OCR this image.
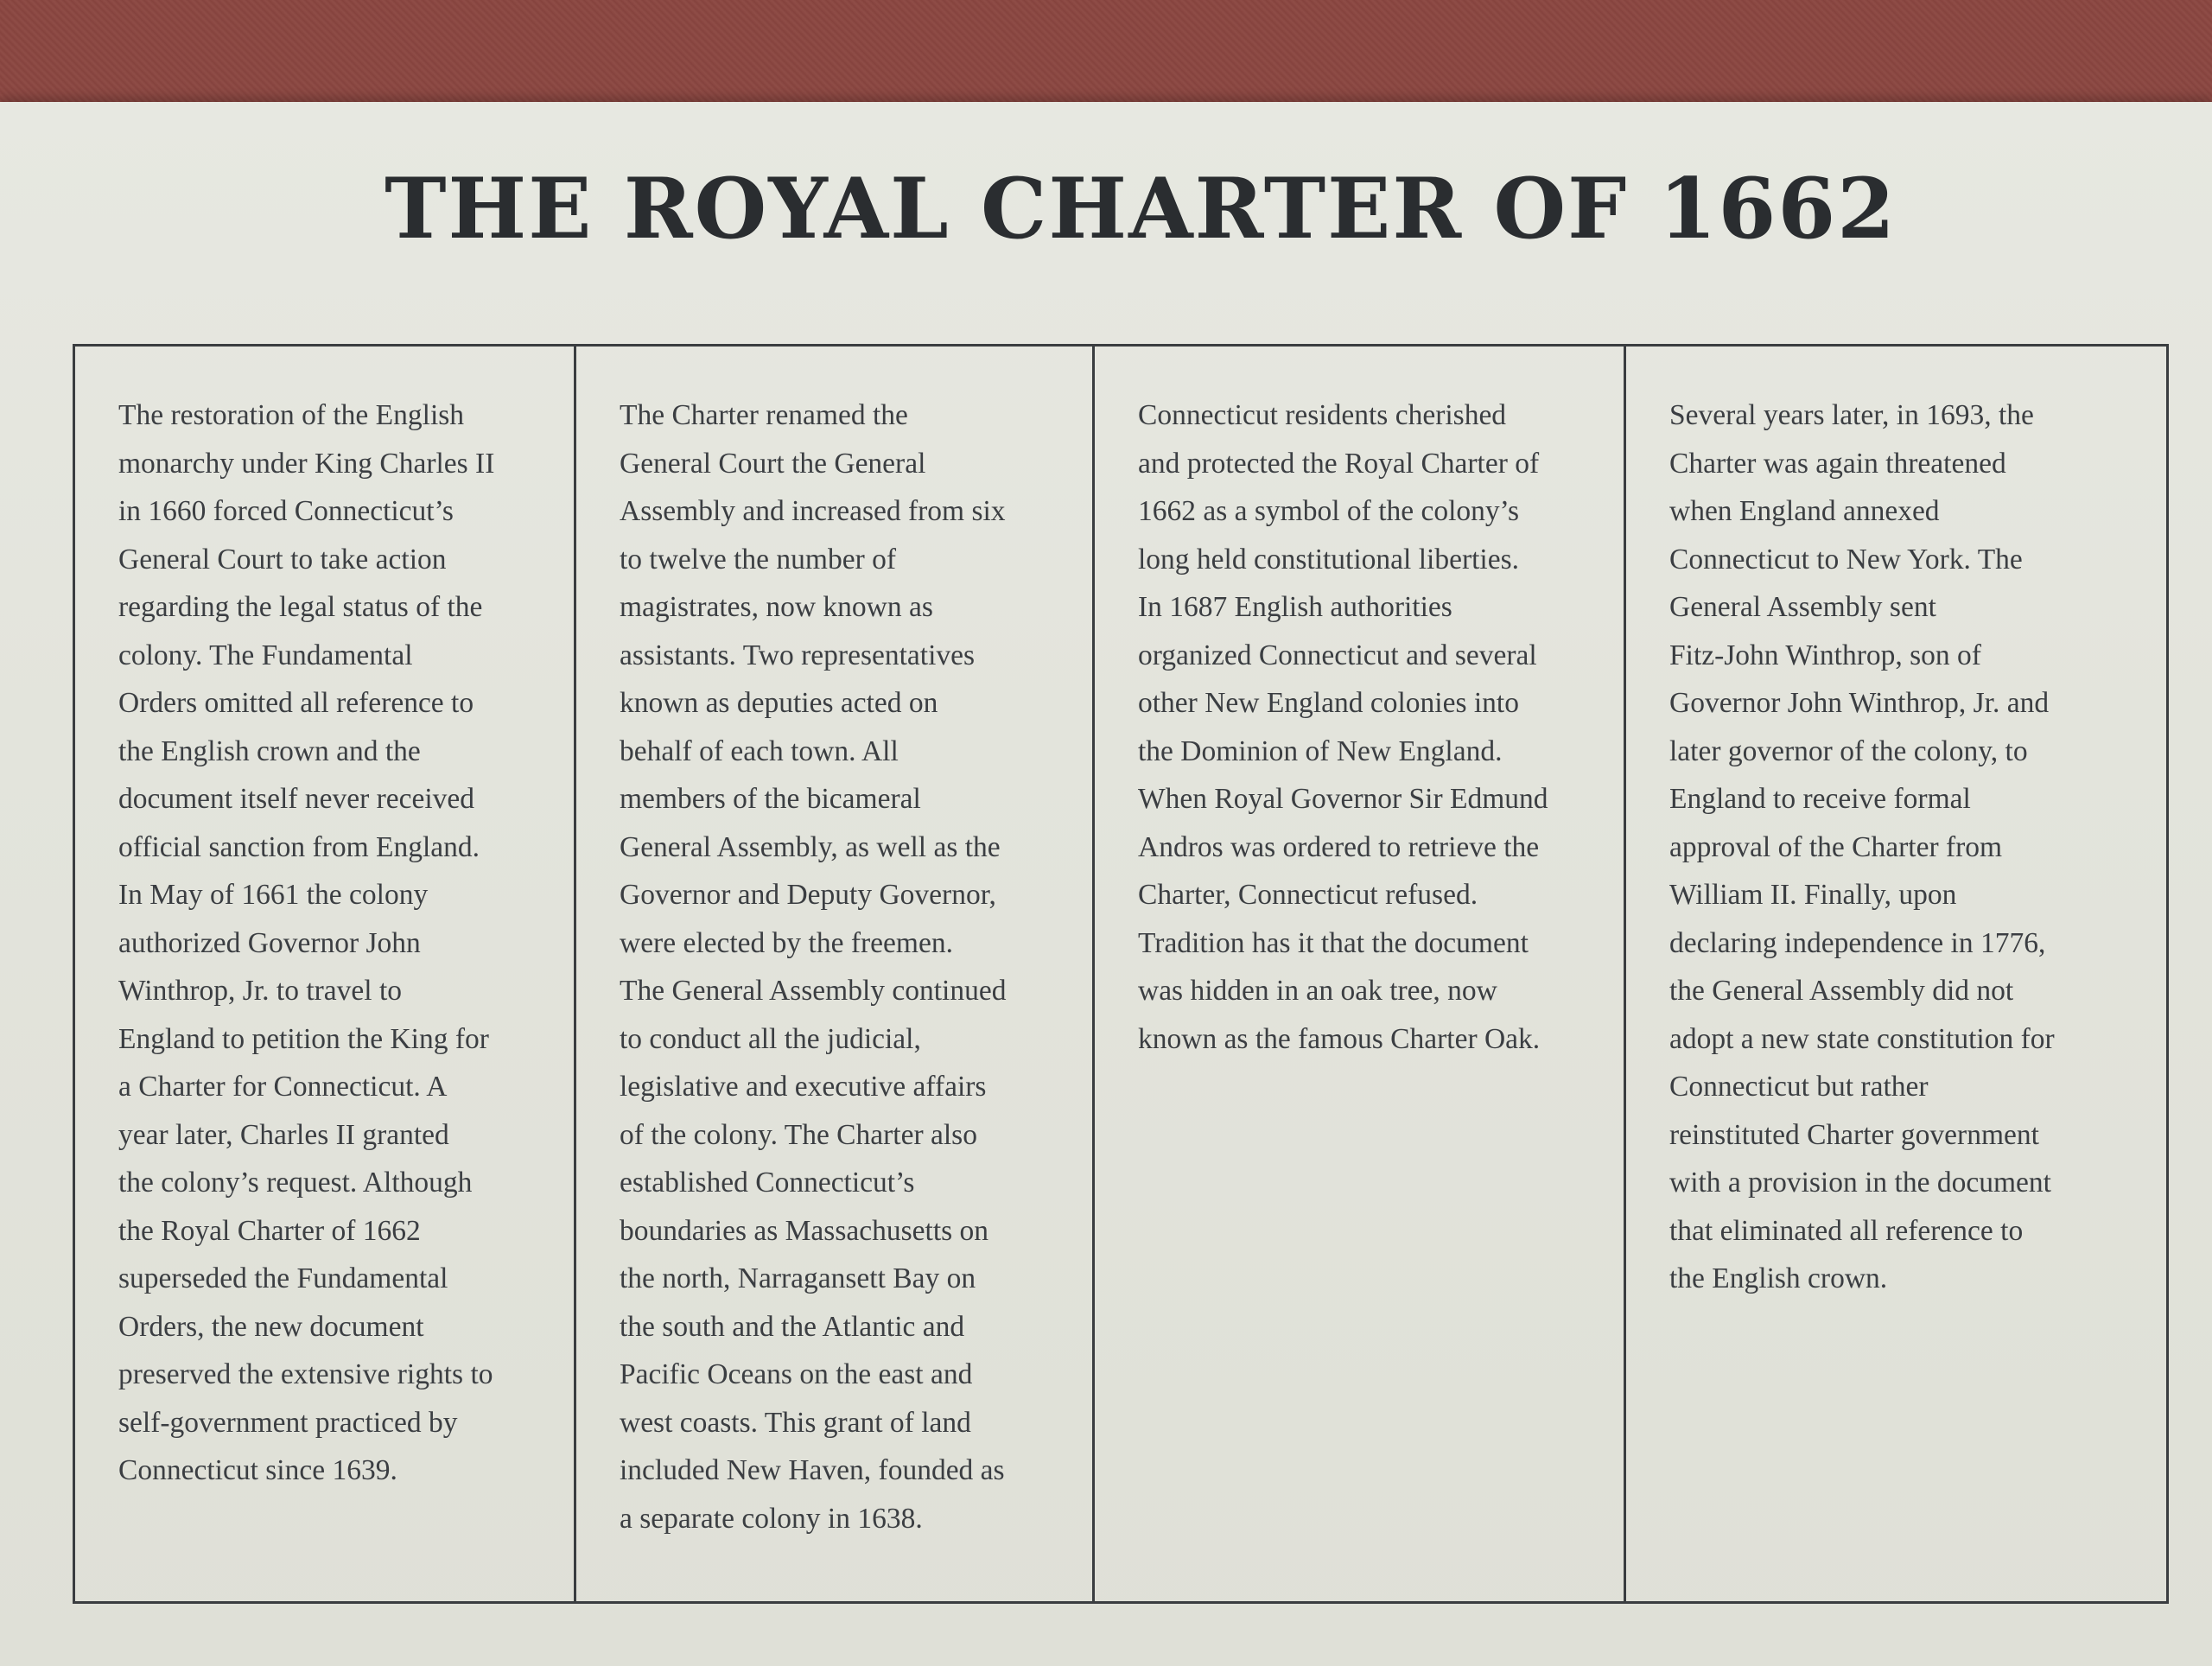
THE ROYAL CHARTER OF 1662

The restoration of the English
monarchy under King Charles II
in 1660 forced Connecticut’s
General Court to take action
regarding the legal status of the
colony. The Fundamental
Orders omitted all reference to
the English crown and the
document itself never received
official sanction from England.
In May of 1661 the colony
authorized Governor John
Winthrop, Jr. to travel to
England to petition the King for
a Charter for Connecticut. A
year later, Charles II granted
the colony’s request. Although
the Royal Charter of 1662
superseded the Fundamental
Orders, the new document
preserved the extensive rights to
self-government practiced by
Connecticut since 1639.

The Charter renamed the
General Court the General
Assembly and increased from six
to twelve the number of
magistrates, now known as
assistants. Two representatives
known as deputies acted on
behalf of each town. All
members of the bicameral
General Assembly, as well as the
Governor and Deputy Governor,
were elected by the freemen.
The General Assembly continued
to conduct all the judicial,
legislative and executive affairs
of the colony. The Charter also
established Connecticut’s
boundaries as Massachusetts on
the north, Narragansett Bay on
the south and the Atlantic and
Pacific Oceans on the east and
west coasts. This grant of land
included New Haven, founded as
a separate colony in 1638.

Connecticut residents cherished
and protected the Royal Charter of
1662 as a symbol of the colony’s
long held constitutional liberties.
In 1687 English authorities
organized Connecticut and several
other New England colonies into
the Dominion of New England.
When Royal Governor Sir Edmund
Andros was ordered to retrieve the
Charter, Connecticut refused.
Tradition has it that the document
was hidden in an oak tree, now
known as the famous Charter Oak.

Several years later, in 1693, the
Charter was again threatened
when England annexed
Connecticut to New York. The
General Assembly sent
Fitz-John Winthrop, son of
Governor John Winthrop, Jr. and
later governor of the colony, to
England to receive formal
approval of the Charter from
William II. Finally, upon
declaring independence in 1776,
the General Assembly did not
adopt a new state constitution for
Connecticut but rather
reinstituted Charter government
with a provision in the document
that eliminated all reference to
the English crown.
